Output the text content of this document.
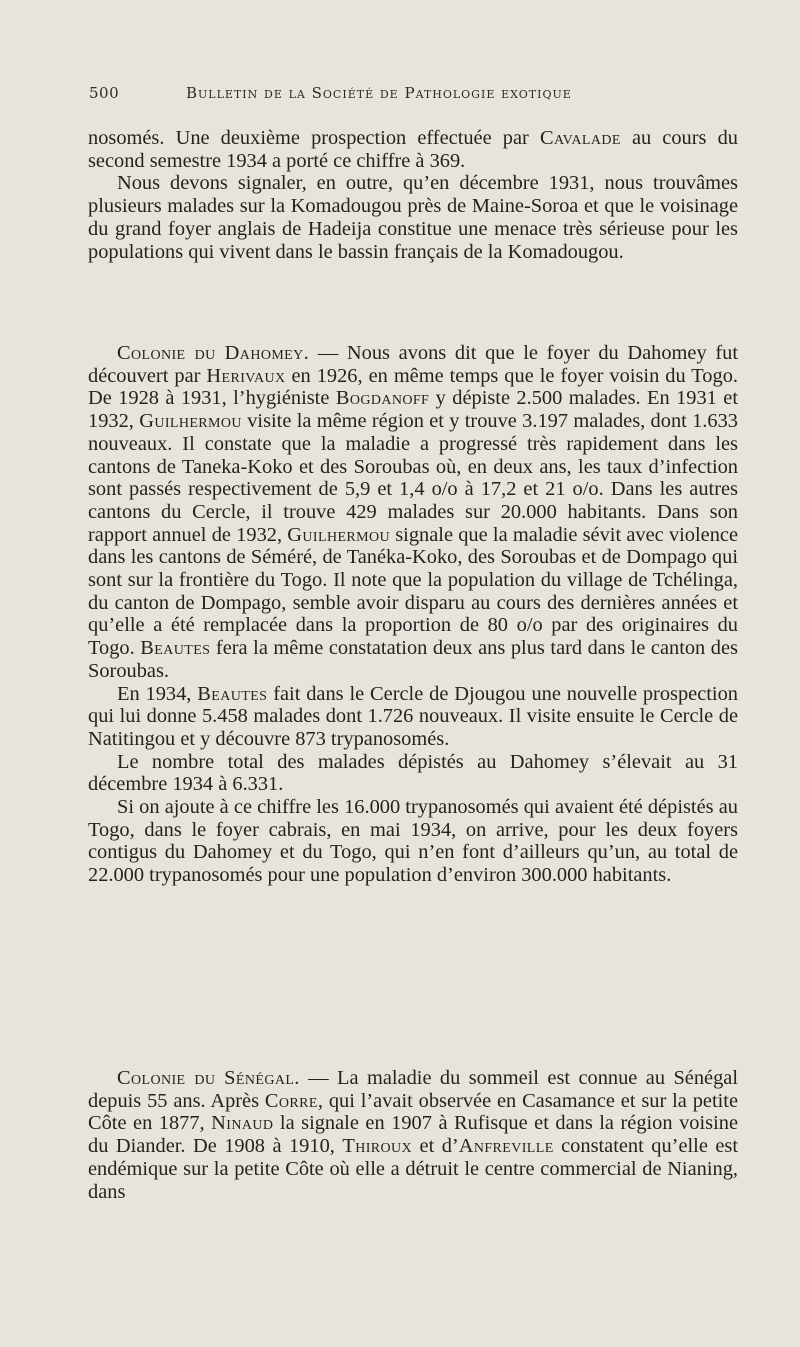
500	Bulletin de la Société de Pathologie exotique

nosomés. Une deuxième prospection effectuée par Cavalade au cours du second semestre 1934 a porté ce chiffre à 369.

Nous devons signaler, en outre, qu’en décembre 1931, nous trouvâmes plusieurs malades sur la Komadougou près de Maine-Soroa et que le voisinage du grand foyer anglais de Hadeija constitue une menace très sérieuse pour les populations qui vivent dans le bassin français de la Komadougou.

Colonie du Dahomey. — Nous avons dit que le foyer du Dahomey fut découvert par Herivaux en 1926, en même temps que le foyer voisin du Togo. De 1928 à 1931, l’hygiéniste Bogdanoff y dépiste 2.500 malades. En 1931 et 1932, Guilhermou visite la même région et y trouve 3.197 malades, dont 1.633 nouveaux. Il constate que la maladie a progressé très rapidement dans les cantons de Taneka-Koko et des Soroubas où, en deux ans, les taux d’infection sont passés respectivement de 5,9 et 1,4 o/o à 17,2 et 21 o/o. Dans les autres cantons du Cercle, il trouve 429 malades sur 20.000 habitants. Dans son rapport annuel de 1932, Guilhermou signale que la maladie sévit avec violence dans les cantons de Séméré, de Tanéka-Koko, des Soroubas et de Dompago qui sont sur la frontière du Togo. Il note que la population du village de Tchélinga, du canton de Dompago, semble avoir disparu au cours des dernières années et qu’elle a été remplacée dans la proportion de 80 o/o par des originaires du Togo. Beautes fera la même constatation deux ans plus tard dans le canton des Soroubas.

En 1934, Beautes fait dans le Cercle de Djougou une nouvelle prospection qui lui donne 5.458 malades dont 1.726 nouveaux. Il visite ensuite le Cercle de Natitingou et y découvre 873 trypanosomés.

Le nombre total des malades dépistés au Dahomey s’élevait au 31 décembre 1934 à 6.331.

Si on ajoute à ce chiffre les 16.000 trypanosomés qui avaient été dépistés au Togo, dans le foyer cabrais, en mai 1934, on arrive, pour les deux foyers contigus du Dahomey et du Togo, qui n’en font d’ailleurs qu’un, au total de 22.000 trypanosomés pour une population d’environ 300.000 habitants.

Colonie du Sénégal. — La maladie du sommeil est connue au Sénégal depuis 55 ans. Après Corre, qui l’avait observée en Casamance et sur la petite Côte en 1877, Ninaud la signale en 1907 à Rufisque et dans la région voisine du Diander. De 1908 à 1910, Thiroux et d’Anfreville constatent qu’elle est endémique sur la petite Côte où elle a détruit le centre commercial de Nianing, dans
